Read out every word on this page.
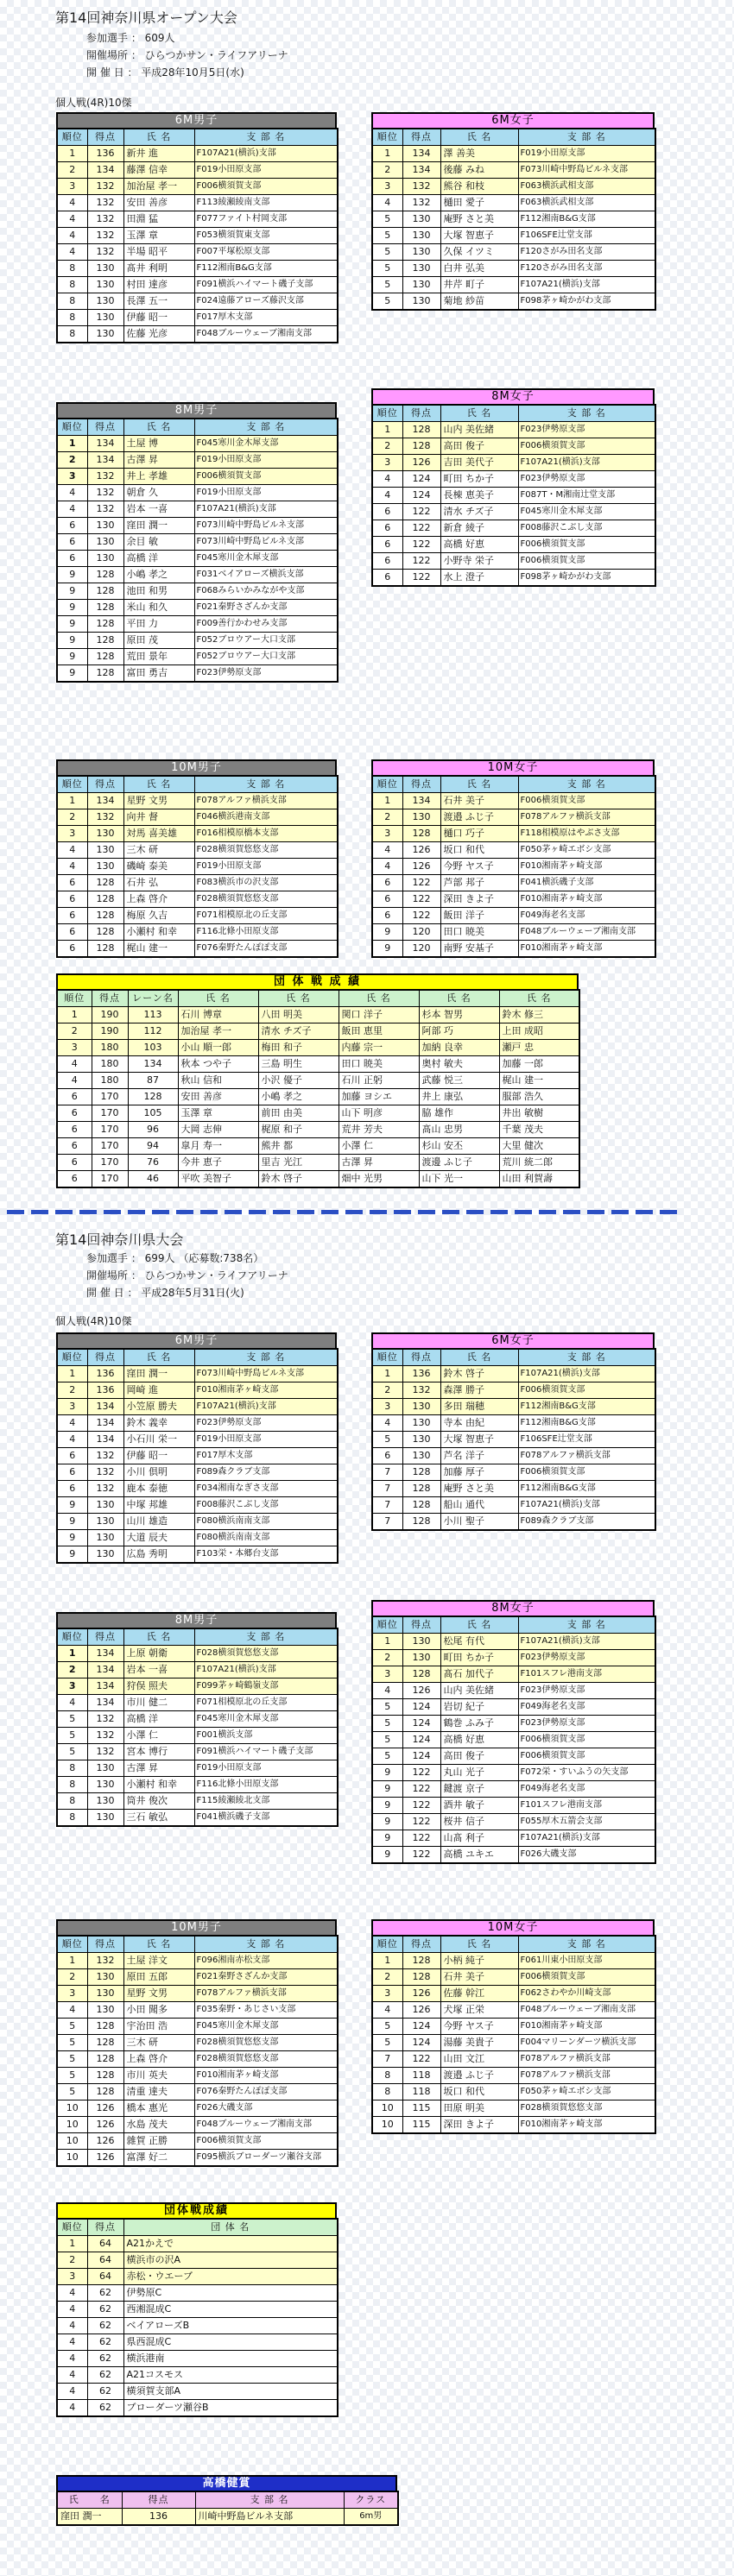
第14回神奈川県オープン大会
参加選手 ： 609人
開催場所 ： ひらつかサン・ライフアリーナ
開 催 日 ： 平成28年10月5日(水)
個人戦(4R)10傑
6M男子
順位	得点	氏 名	支 部 名
1	136	新井 進	F107A21(横浜)支部
2	134	藤澤 信幸	F019小田原支部
3	132	加治屋 孝一	F006横須賀支部
4	132	安田 善彦	F113綾瀬綾南支部
4	132	田淵 猛	F077ファイト村岡支部
4	132	玉澤 章	F053横須賀東支部
4	132	半場 昭平	F007平塚松原支部
8	130	髙井 利明	F112湘南B&G支部
8	130	村田 達彦	F091横浜ハイマート磯子支部
8	130	長澤 五一	F024遠藤アローズ藤沢支部
8	130	伊藤 昭一	F017厚木支部
8	130	佐藤 光彦	F048ブルーウェーブ湘南支部
6M女子
順位	得点	氏 名	支 部 名
1	134	澤 善美	F019小田原支部
2	134	後藤 みね	F073川崎中野島ビルネ支部
3	132	熊谷 和枝	F063横浜武相支部
4	132	樋田 愛子	F063横浜武相支部
5	130	庵野 さと美	F112湘南B&G支部
5	130	大塚 智恵子	F106SFE辻堂支部
5	130	久保 イツミ	F120さがみ田名支部
5	130	白井 弘美	F120さがみ田名支部
5	130	井芹 町子	F107A21(横浜)支部
5	130	菊地 紗苗	F098茅ヶ崎かがわ支部
8M男子
順位	得点	氏 名	支 部 名
1	134	土屋 博	F045寒川金木犀支部
2	134	古澤 昇	F019小田原支部
3	132	井上 孝雄	F006横須賀支部
4	132	朝倉 久	F019小田原支部
4	132	岩本 一喜	F107A21(横浜)支部
6	130	窪田 潤一	F073川崎中野島ビルネ支部
6	130	余目 敏	F073川崎中野島ビルネ支部
6	130	高橋 洋	F045寒川金木犀支部
9	128	小嶋 孝之	F031ベイアローズ横浜支部
9	128	池田 和男	F068みらいかみながや支部
9	128	米山 和久	F021秦野さざんか支部
9	128	平田 力	F009善行かわせみ支部
9	128	原田 茂	F052ブロウアー大口支部
9	128	荒田 景年	F052ブロウアー大口支部
9	128	富田 勇吉	F023伊勢原支部
8M女子
順位	得点	氏 名	支 部 名
1	128	山内 美佐緒	F023伊勢原支部
2	128	高田 俊子	F006横須賀支部
3	126	吉田 美代子	F107A21(横浜)支部
4	124	町田 ちか子	F023伊勢原支部
4	124	長棟 恵美子	F087T・M湘南辻堂支部
6	122	清水 チズ子	F045寒川金木犀支部
6	122	新倉 綾子	F008藤沢こぶし支部
6	122	高橋 好恵	F006横須賀支部
6	122	小野寺 栄子	F006横須賀支部
6	122	水上 澄子	F098茅ヶ崎かがわ支部
10M男子
順位	得点	氏 名	支 部 名
1	134	星野 文男	F078アルファ横浜支部
2	132	向井 督	F046横浜港南支部
3	130	対馬 喜美雄	F016相模原橋本支部
4	130	三木 研	F028横須賀悠悠支部
4	130	磯崎 泰美	F019小田原支部
6	128	石井 弘	F083横浜市の沢支部
6	128	上森 啓介	F028横須賀悠悠支部
6	128	梅原 久吉	F071相模原北の丘支部
6	128	小瀬村 和幸	F116北條小田原支部
6	128	梶山 建一	F076秦野たんぽぽ支部
10M女子
順位	得点	氏 名	支 部 名
1	134	石井 美子	F006横須賀支部
2	130	渡邉 ふじ子	F078アルファ横浜支部
3	128	樋口 巧子	F118相模原はやぶさ支部
4	126	坂口 和代	F050茅ヶ崎エボシ支部
4	126	今野 ヤス子	F010湘南茅ヶ崎支部
6	122	芦部 邦子	F041横浜磯子支部
6	122	深田 きよ子	F010湘南茅ヶ崎支部
6	122	飯田 洋子	F049海老名支部
9	120	田口 暁美	F048ブルーウェーブ湘南支部
9	120	南野 安基子	F010湘南茅ヶ崎支部
団 体 戦 成 績
順位	得点	レーン名	氏 名	氏 名	氏 名	氏 名	氏 名
1	190	113	石川 博章	八田 明美	関口 洋子	杉本 智男	鈴木 修三
2	190	112	加治屋 孝一	清水 チズ子	飯田 恵里	阿部 巧	上田 成昭
3	180	103	小山 順一郎	梅田 和子	内藤 宗一	加納 良幸	瀬戸 忠
4	180	134	秋本 つや子	三島 明生	田口 暁美	奥村 敏夫	加藤 一郎
4	180	87	秋山 信和	小沢 優子	石川 正躬	武藤 悦三	梶山 建一
6	170	128	安田 善彦	小嶋 孝之	加藤 ヨシエ	井上 康弘	服部 浩久
6	170	105	玉澤 章	前田 由美	山下 明彦	脇 雄作	井出 敏樹
6	170	96	大岡 志伸	梶原 和子	荒井 芳夫	髙山 忠男	千葉 茂夫
6	170	94	皐月 寿一	熊井 都	小澤 仁	杉山 安丕	大里 健次
6	170	76	今井 恵子	里吉 光江	古澤 昇	渡邊 ふじ子	荒川 統二郎
6	170	46	平吹 美智子	鈴木 啓子	畑中 光男	山下 光一	山田 利賀壽
第14回神奈川県大会
参加選手 ： 699人 （応募数:738名）
開催場所 ： ひらつかサン・ライフアリーナ
開 催 日 ： 平成28年5月31日(火)
個人戦(4R)10傑
6M男子
順位	得点	氏 名	支 部 名
1	136	窪田 潤一	F073川崎中野島ビルネ支部
2	136	岡崎 進	F010湘南茅ヶ崎支部
3	134	小笠原 勝夫	F107A21(横浜)支部
4	134	鈴木 義幸	F023伊勢原支部
4	134	小石川 栄一	F019小田原支部
6	132	伊藤 昭一	F017厚木支部
6	132	小川 倶明	F089森クラブ支部
6	132	鹿本 泰徳	F034湘南なぎさ支部
9	130	中塚 邦雄	F008藤沢こぶし支部
9	130	山川 雄造	F080横浜南南支部
9	130	大道 辰夫	F080横浜南南支部
9	130	広島 秀明	F103栄・本郷台支部
6M女子
順位	得点	氏 名	支 部 名
1	136	鈴木 啓子	F107A21(横浜)支部
2	132	森澤 勝子	F006横須賀支部
3	130	多田 瑞穂	F112湘南B&G支部
4	130	寺本 由紀	F112湘南B&G支部
5	130	大塚 智恵子	F106SFE辻堂支部
6	130	芦名 洋子	F078アルファ横浜支部
7	128	加藤 厚子	F006横須賀支部
7	128	庵野 さと美	F112湘南B&G支部
7	128	船山 通代	F107A21(横浜)支部
7	128	小川 聖子	F089森クラブ支部
8M男子
順位	得点	氏 名	支 部 名
1	134	上原 朝衛	F028横須賀悠悠支部
2	134	岩本 一喜	F107A21(横浜)支部
3	134	狩俣 照夫	F099茅ヶ崎鶴嶺支部
4	134	市川 健二	F071相模原北の丘支部
5	132	高橋 洋	F045寒川金木犀支部
5	132	小澤 仁	F001横浜支部
5	132	宮本 博行	F091横浜ハイマート磯子支部
8	130	古澤 昇	F019小田原支部
8	130	小瀬村 和幸	F116北條小田原支部
8	130	筒井 俊次	F115綾瀬綾北支部
8	130	三石 敏弘	F041横浜磯子支部
8M女子
順位	得点	氏 名	支 部 名
1	130	松尾 有代	F107A21(横浜)支部
2	130	町田 ちか子	F023伊勢原支部
3	128	髙石 加代子	F101スフレ港南支部
4	126	山内 美佐緒	F023伊勢原支部
5	124	岩切 紀子	F049海老名支部
5	124	鶴巻 ふみ子	F023伊勢原支部
5	124	高橋 好恵	F006横須賀支部
5	124	高田 俊子	F006横須賀支部
9	122	丸山 光子	F072栄・すいふうの矢支部
9	122	鍵渡 京子	F049海老名支部
9	122	酒井 敏子	F101スフレ港南支部
9	122	桜井 信子	F055厚木五箭会支部
9	122	山髙 利子	F107A21(横浜)支部
9	122	高橋 ユキエ	F026大磯支部
10M男子
順位	得点	氏 名	支 部 名
1	132	土屋 洋文	F096湘南赤松支部
2	130	原田 五郎	F021秦野さざんか支部
3	130	星野 文男	F078アルファ横浜支部
4	130	小田 聞多	F035秦野・あじさい支部
5	128	宇治田 浩	F045寒川金木犀支部
5	128	三木 研	F028横須賀悠悠支部
5	128	上森 啓介	F028横須賀悠悠支部
5	128	市川 英夫	F010湘南茅ヶ崎支部
5	128	清重 達夫	F076秦野たんぽぽ支部
10	126	橋本 惠光	F026大磯支部
10	126	水島 茂夫	F048ブルーウェーブ湘南支部
10	126	雜賀 正勝	F006横須賀支部
10	126	富澤 好二	F095横浜ブローダーツ瀬谷支部
10M女子
順位	得点	氏 名	支 部 名
1	128	小柄 純子	F061川東小田原支部
2	128	石井 美子	F006横須賀支部
3	126	佐藤 幹江	F062さわやか川崎支部
4	126	犬塚 正栄	F048ブルーウェーブ湘南支部
5	124	今野 ヤス子	F010湘南茅ヶ崎支部
5	124	湯藤 美貴子	F004マリーンダーツ横浜支部
7	122	山田 文江	F078アルファ横浜支部
8	118	渡邉 ふじ子	F078アルファ横浜支部
8	118	坂口 和代	F050茅ヶ崎エボシ支部
10	115	田原 明美	F028横須賀悠悠支部
10	115	深田 きよ子	F010湘南茅ヶ崎支部
団体戦成績
順位	得点	団 体 名
1	64	A21かえで
2	64	横浜市の沢A
3	64	赤松・ウエーブ
4	62	伊勢原C
4	62	西湘混成C
4	62	ベイアローズB
4	62	県西混成C
4	62	横浜港南
4	62	A21コスモス
4	62	横須賀支部A
4	62	ブローダーツ瀬谷B
高橋健賞
氏　　名	得点	支 部 名	クラス
窪田 潤一	136	川崎中野島ビルネ支部	6m男
